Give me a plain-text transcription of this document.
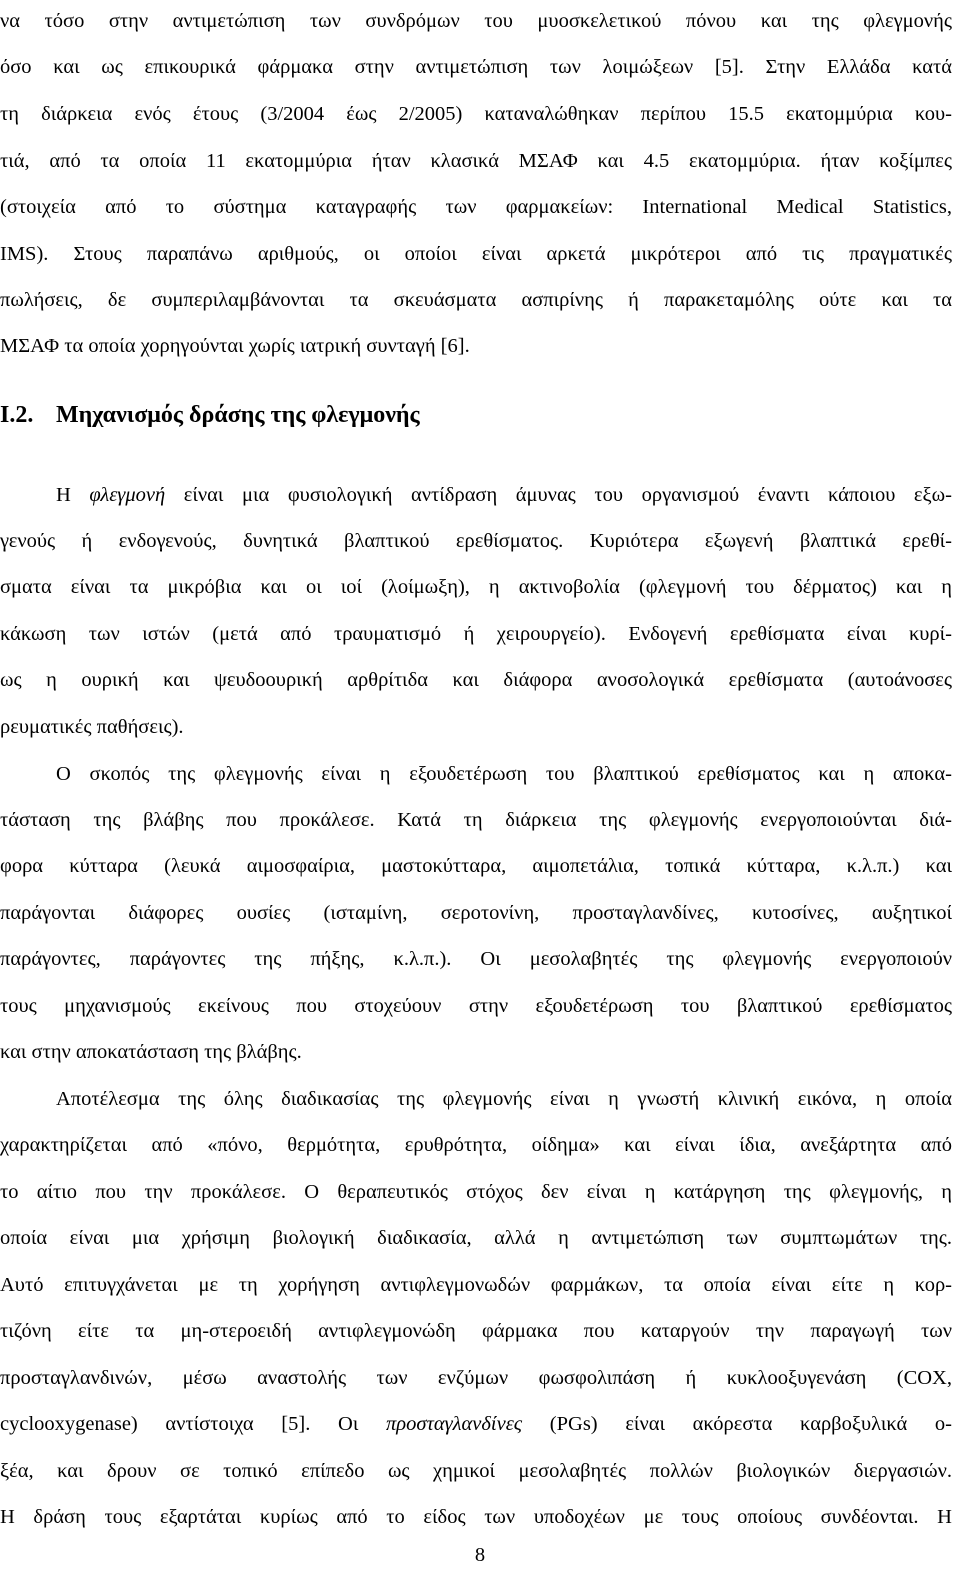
να τόσο στην αντιμετώπιση των συνδρόμων του μυοσκελετικού πόνου και της φλεγμονής
όσο και ως επικουρικά φάρμακα στην αντιμετώπιση των λοιμώξεων [5]. Στην Ελλάδα κατά
τη διάρκεια ενός έτους (3/2004 έως 2/2005) καταναλώθηκαν περίπου 15.5 εκατομμύρια κου-
τιά, από τα οποία 11 εκατομμύρια ήταν κλασικά ΜΣΑΦ και 4.5 εκατομμύρια. ήταν κοξίμπες
(στοιχεία από το σύστημα καταγραφής των φαρμακείων: International Medical Statistics,
IMS). Στους παραπάνω αριθμούς, οι οποίοι είναι αρκετά μικρότεροι από τις πραγματικές
πωλήσεις, δε συμπεριλαμβάνονται τα σκευάσματα ασπιρίνης ή παρακεταμόλης ούτε και τα
ΜΣΑΦ τα οποία χορηγούνται χωρίς ιατρική συνταγή [6].
Ι.2. Μηχανισμός δράσης της φλεγμονής
Η φλεγμονή είναι μια φυσιολογική αντίδραση άμυνας του οργανισμού έναντι κάποιου εξω-
γενούς ή ενδογενούς, δυνητικά βλαπτικού ερεθίσματος. Κυριότερα εξωγενή βλαπτικά ερεθί-
σματα είναι τα μικρόβια και οι ιοί (λοίμωξη), η ακτινοβολία (φλεγμονή του δέρματος) και η
κάκωση των ιστών (μετά από τραυματισμό ή χειρουργείο). Ενδογενή ερεθίσματα είναι κυρί-
ως η ουρική και ψευδοουρική αρθρίτιδα και διάφορα ανοσολογικά ερεθίσματα (αυτοάνοσες
ρευματικές παθήσεις).
Ο σκοπός της φλεγμονής είναι η εξουδετέρωση του βλαπτικού ερεθίσματος και η αποκα-
τάσταση της βλάβης που προκάλεσε. Κατά τη διάρκεια της φλεγμονής ενεργοποιούνται διά-
φορα κύτταρα (λευκά αιμοσφαίρια, μαστοκύτταρα, αιμοπετάλια, τοπικά κύτταρα, κ.λ.π.) και
παράγονται διάφορες ουσίες (ισταμίνη, σεροτονίνη, προσταγλανδίνες, κυτοσίνες, αυξητικοί
παράγοντες, παράγοντες της πήξης, κ.λ.π.). Οι μεσολαβητές της φλεγμονής ενεργοποιούν
τους μηχανισμούς εκείνους που στοχεύουν στην εξουδετέρωση του βλαπτικού ερεθίσματος
και στην αποκατάσταση της βλάβης.
Αποτέλεσμα της όλης διαδικασίας της φλεγμονής είναι η γνωστή κλινική εικόνα, η οποία
χαρακτηρίζεται από «πόνο, θερμότητα, ερυθρότητα, οίδημα» και είναι ίδια, ανεξάρτητα από
το αίτιο που την προκάλεσε. Ο θεραπευτικός στόχος δεν είναι η κατάργηση της φλεγμονής, η
οποία είναι μια χρήσιμη βιολογική διαδικασία, αλλά η αντιμετώπιση των συμπτωμάτων της.
Αυτό επιτυγχάνεται με τη χορήγηση αντιφλεγμονωδών φαρμάκων, τα οποία είναι είτε η κορ-
τιζόνη είτε τα μη-στεροειδή αντιφλεγμονώδη φάρμακα που καταργούν την παραγωγή των
προσταγλανδινών, μέσω αναστολής των ενζύμων φωσφολιπάση ή κυκλοοξυγενάση (COX,
cycloοxygenase) αντίστοιχα [5]. Οι προσταγλανδίνες (PGs) είναι ακόρεστα καρβοξυλικά ο-
ξέα, και δρουν σε τοπικό επίπεδο ως χημικοί μεσολαβητές πολλών βιολογικών διεργασιών.
Η δράση τους εξαρτάται κυρίως από το είδος των υποδοχέων με τους οποίους συνδέονται. Η
8
